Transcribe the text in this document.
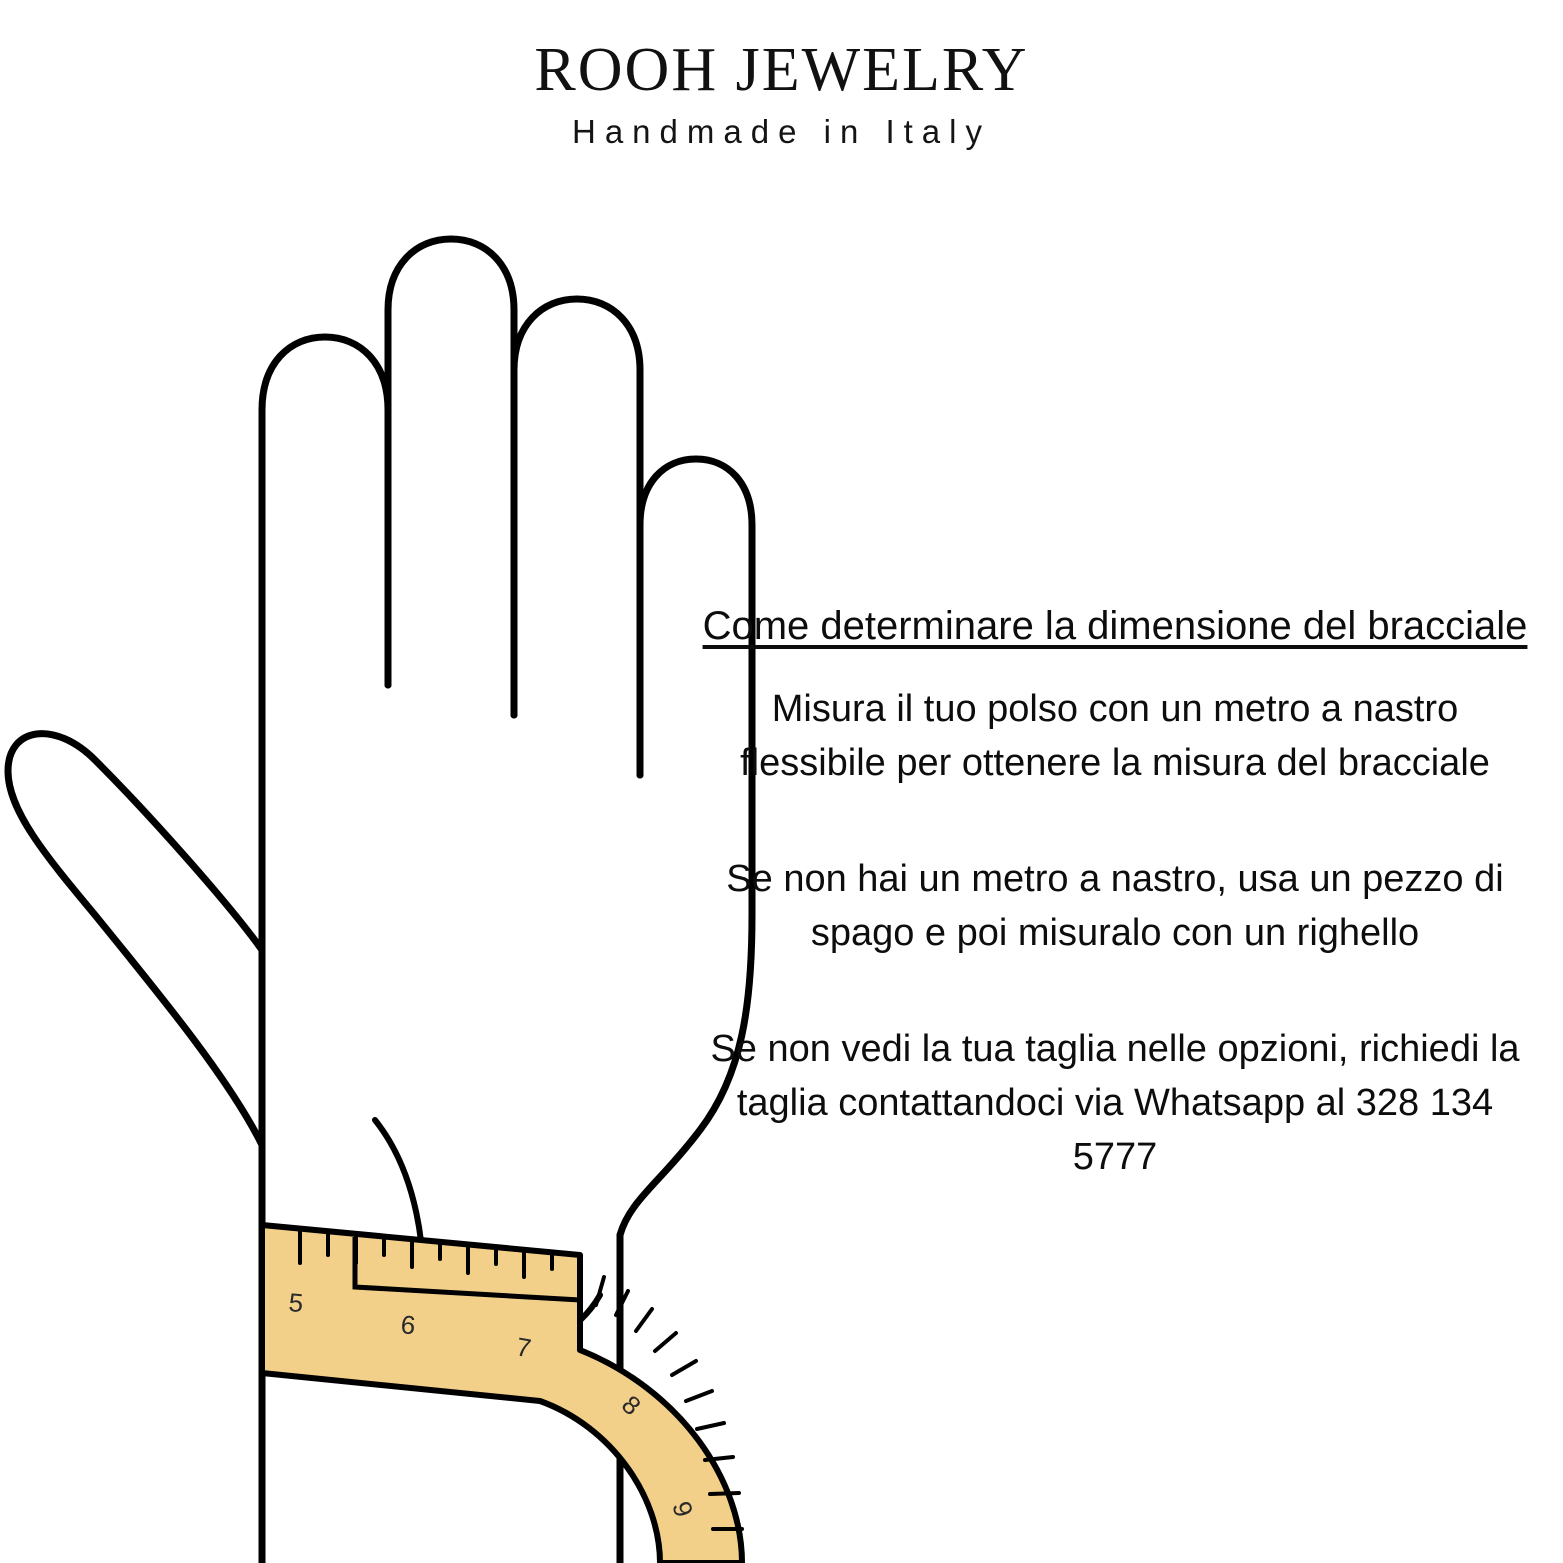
ROOH JEWELRY
Handmade in Italy
5
6
7
8
9
Come determinare la dimensione del bracciale

Misura il tuo polso con un metro a nastro flessibile per ottenere la misura del bracciale

Se non hai un metro a nastro, usa un pezzo di spago e poi misuralo con un righello

Se non vedi la tua taglia nelle opzioni, richiedi la taglia contattandoci via Whatsapp al 328 134 5777
